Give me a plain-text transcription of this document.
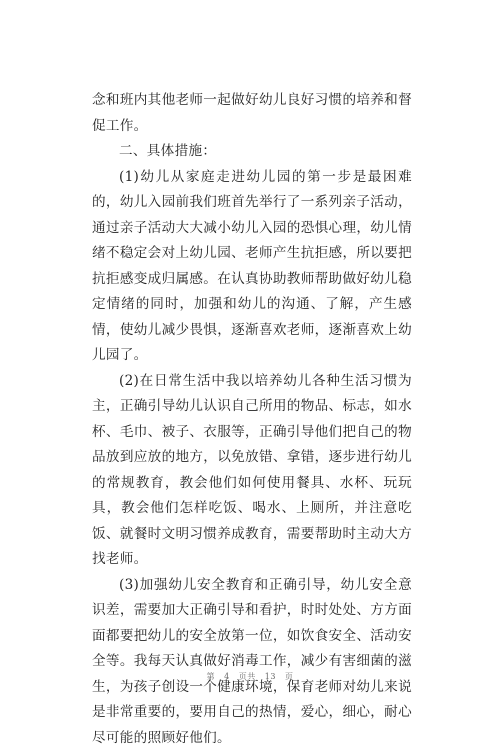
念和班内其他老师一起做好幼儿良好习惯的培养和督促工作。

二、具体措施：

(1)幼儿从家庭走进幼儿园的第一步是最困难的，幼儿入园前我们班首先举行了一系列亲子活动，通过亲子活动大大减小幼儿入园的恐惧心理，幼儿情绪不稳定会对上幼儿园、老师产生抗拒感，所以要把抗拒感变成归属感。在认真协助教师帮助做好幼儿稳定情绪的同时，加强和幼儿的沟通、了解，产生感情，使幼儿减少畏惧，逐渐喜欢老师，逐渐喜欢上幼儿园了。

(2)在日常生活中我以培养幼儿各种生活习惯为主，正确引导幼儿认识自己所用的物品、标志，如水杯、毛巾、被子、衣服等，正确引导他们把自己的物品放到应放的地方，以免放错、拿错，逐步进行幼儿的常规教育，教会他们如何使用餐具、水杯、玩玩具，教会他们怎样吃饭、喝水、上厕所，并注意吃饭、就餐时文明习惯养成教育，需要帮助时主动大方找老师。

(3)加强幼儿安全教育和正确引导，幼儿安全意识差，需要加大正确引导和看护，时时处处、方方面面都要把幼儿的安全放第一位，如饮食安全、活动安全等。我每天认真做好消毒工作，减少有害细菌的滋生，为孩子创设一个健康环境，保育老师对幼儿来说是非常重要的，要用自己的热情，爱心，细心，耐心尽可能的照顾好他们。

第 4 页共 13 页
